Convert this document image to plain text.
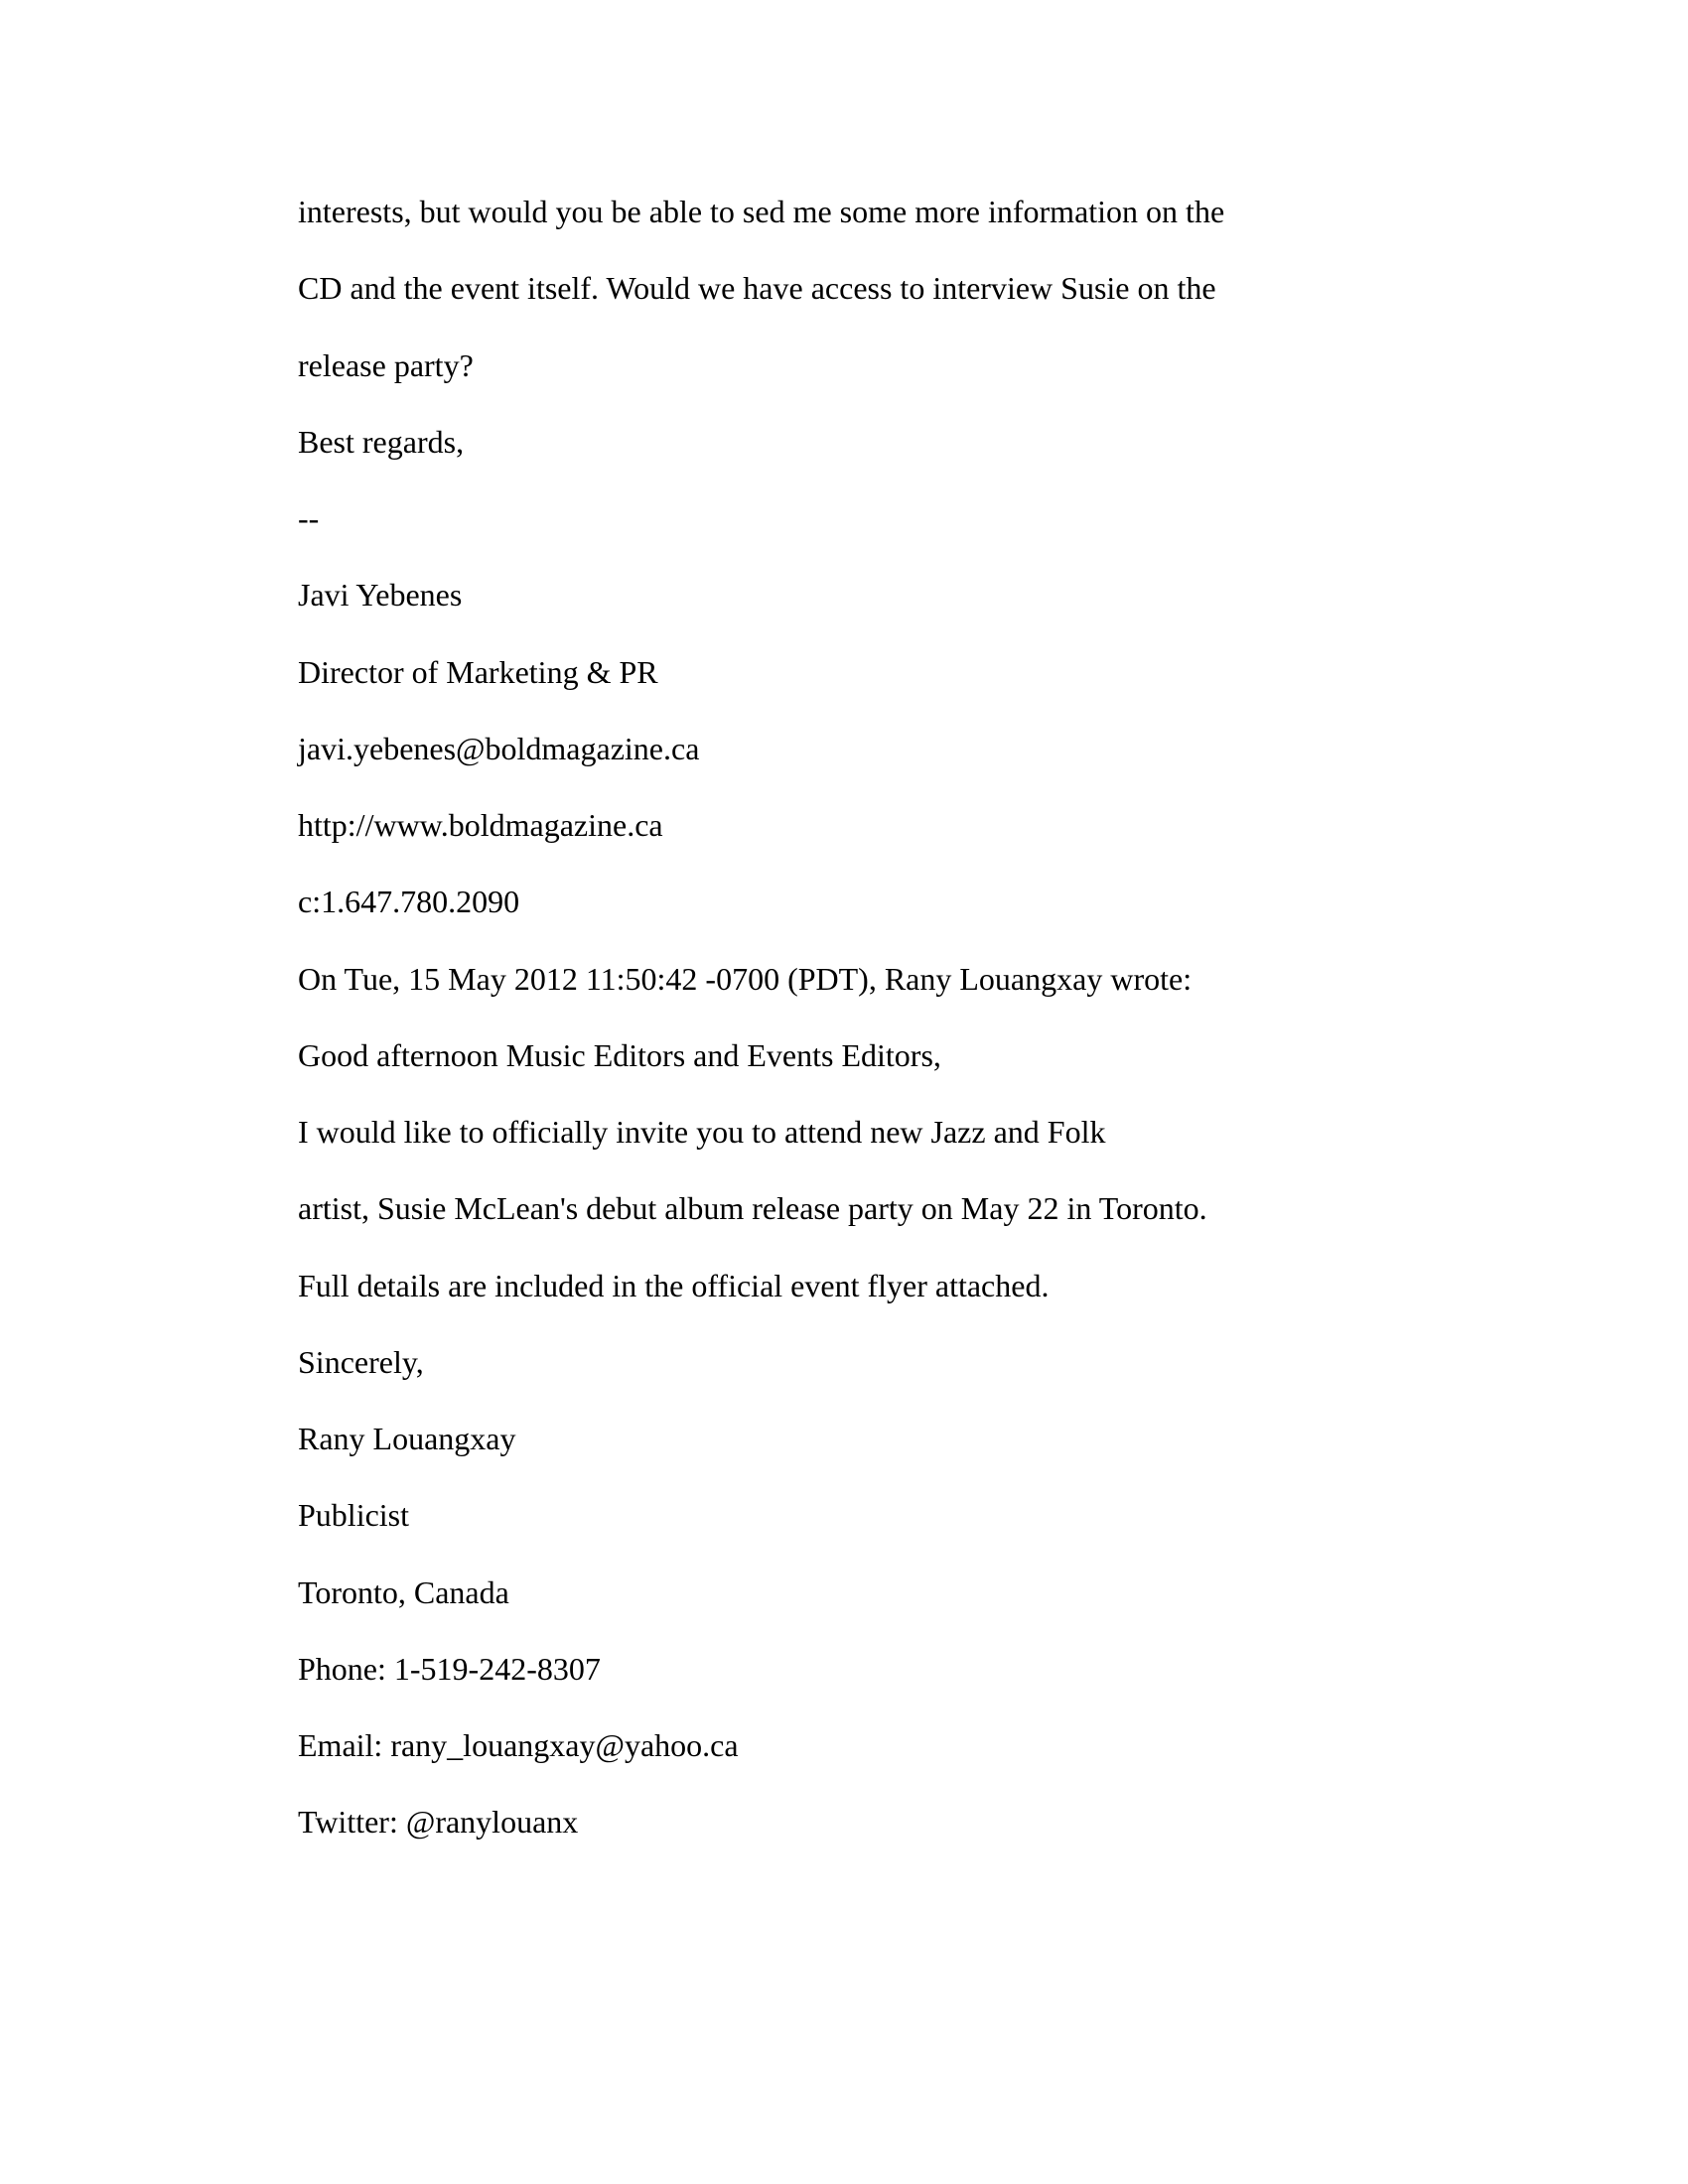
interests, but would you be able to sed me some more information on the
CD and the event itself. Would we have access to interview Susie on the
release party?
Best regards,
--
Javi Yebenes
Director of Marketing & PR
javi.yebenes@boldmagazine.ca
http://www.boldmagazine.ca
c:1.647.780.2090
On Tue, 15 May 2012 11:50:42 -0700 (PDT), Rany Louangxay wrote:
Good afternoon Music Editors and Events Editors,
I would like to officially invite you to attend new Jazz and Folk
artist, Susie McLean's debut album release party on May 22 in Toronto.
Full details are included in the official event flyer attached.
Sincerely,
Rany Louangxay
Publicist
Toronto, Canada
Phone: 1-519-242-8307
Email: rany_louangxay@yahoo.ca
Twitter: @ranylouanx
